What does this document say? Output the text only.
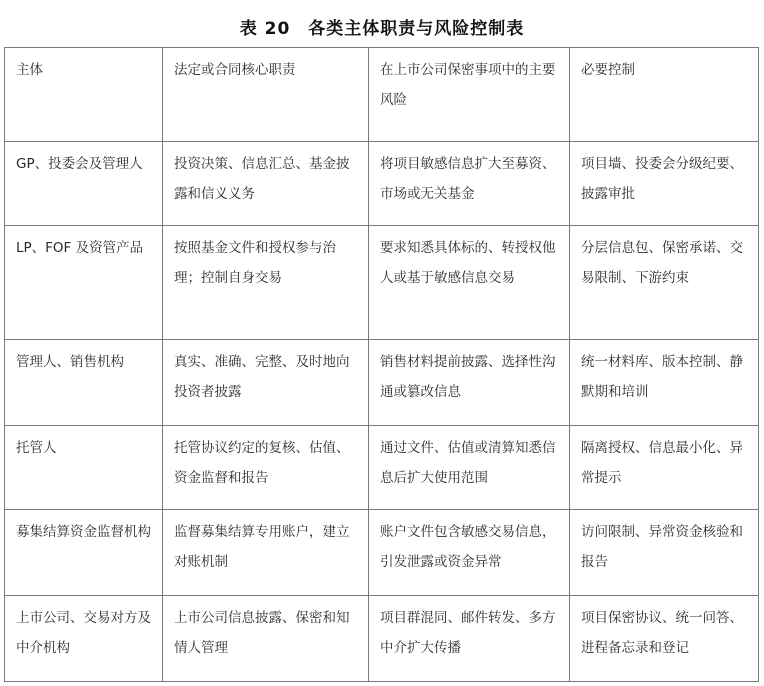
表 20　各类主体职责与风险控制表
主体	法定或合同核心职责	在上市公司保密事项中的主要风险	必要控制
GP、投委会及管理人	投资决策、信息汇总、基金披露和信义义务	将项目敏感信息扩大至募资、市场或无关基金	项目墙、投委会分级纪要、披露审批
LP、FOF 及资管产品	按照基金文件和授权参与治理；控制自身交易	要求知悉具体标的、转授权他人或基于敏感信息交易	分层信息包、保密承诺、交易限制、下游约束
管理人、销售机构	真实、准确、完整、及时地向投资者披露	销售材料提前披露、选择性沟通或篡改信息	统一材料库、版本控制、静默期和培训
托管人	托管协议约定的复核、估值、资金监督和报告	通过文件、估值或清算知悉信息后扩大使用范围	隔离授权、信息最小化、异常提示
募集结算资金监督机构	监督募集结算专用账户，建立对账机制	账户文件包含敏感交易信息，引发泄露或资金异常	访问限制、异常资金核验和报告
上市公司、交易对方及中介机构	上市公司信息披露、保密和知情人管理	项目群混同、邮件转发、多方中介扩大传播	项目保密协议、统一问答、进程备忘录和登记
